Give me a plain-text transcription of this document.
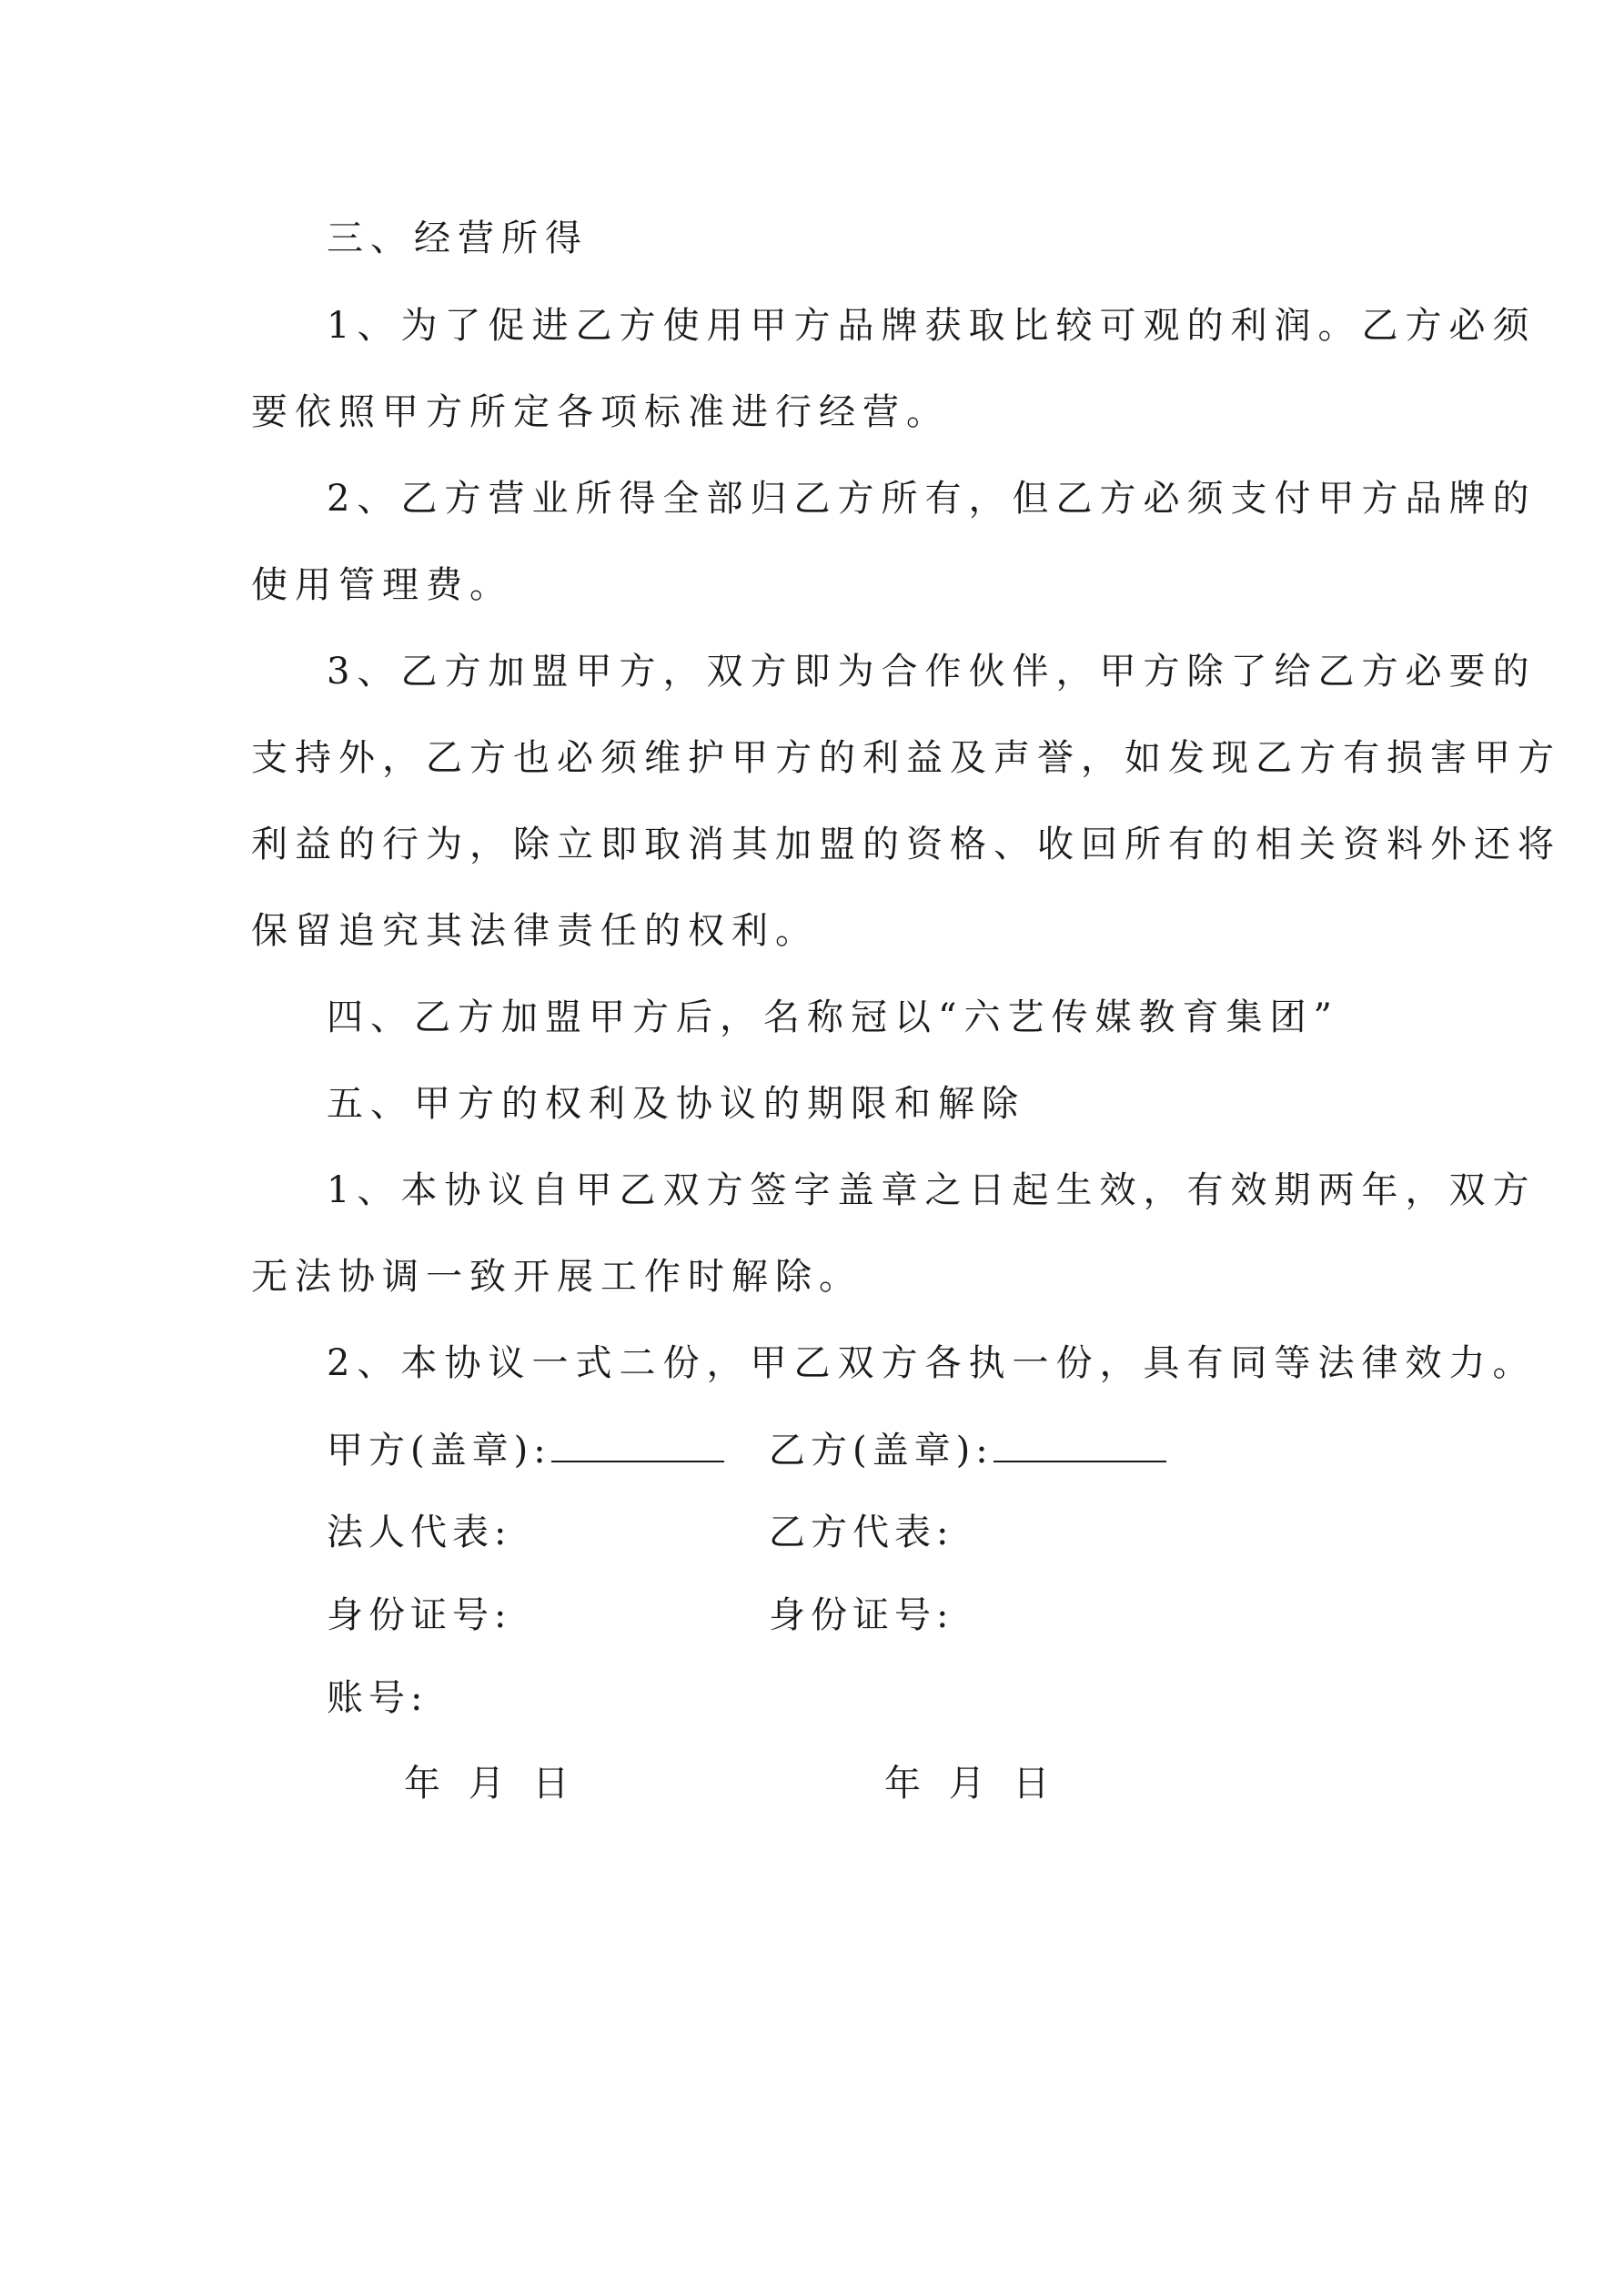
三、经营所得
1、为了促进乙方使用甲方品牌获取比较可观的利润。乙方必须
要依照甲方所定各项标准进行经营。
2、乙方营业所得全部归乙方所有，但乙方必须支付甲方品牌的
使用管理费。
3、乙方加盟甲方，双方即为合作伙伴，甲方除了给乙方必要的
支持外，乙方也必须维护甲方的利益及声誉，如发现乙方有损害甲方
利益的行为，除立即取消其加盟的资格、收回所有的相关资料外还将
保留追究其法律责任的权利。
四、乙方加盟甲方后，名称冠以“六艺传媒教育集团”
五、甲方的权利及协议的期限和解除
1、本协议自甲乙双方签字盖章之日起生效，有效期两年，双方
无法协调一致开展工作时解除。
2、本协议一式二份，甲乙双方各执一份，具有同等法律效力。
甲方(盖章):	乙方(盖章):
法人代表:	乙方代表:
身份证号:	身份证号:
账号:
年 月 日	年 月 日
